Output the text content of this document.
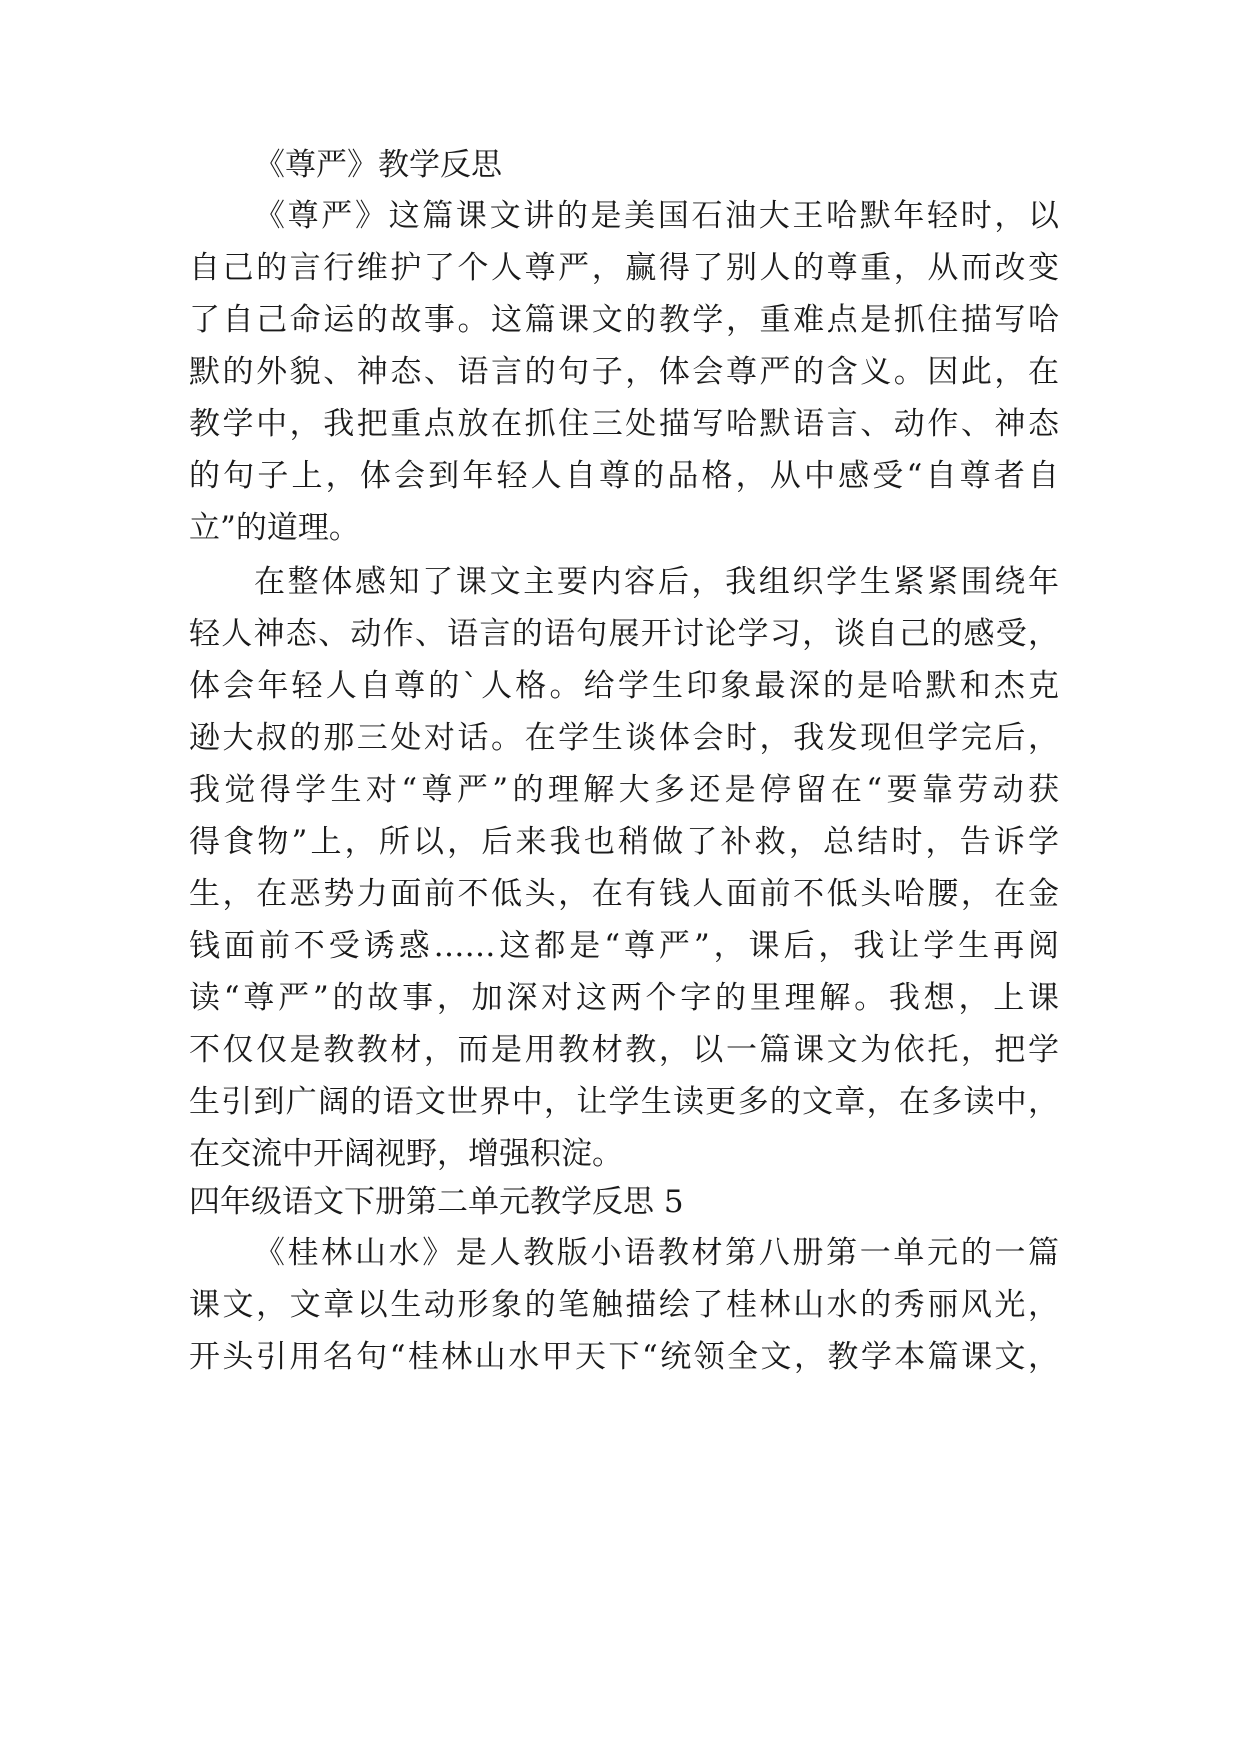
《尊严》教学反思
《尊严》这篇课文讲的是美国石油大王哈默年轻时，以
自己的言行维护了个人尊严，赢得了别人的尊重，从而改变
了自己命运的故事。这篇课文的教学，重难点是抓住描写哈
默的外貌、神态、语言的句子，体会尊严的含义。因此，在
教学中，我把重点放在抓住三处描写哈默语言、动作、神态
的句子上，体会到年轻人自尊的品格，从中感受“自尊者自
立”的道理。
在整体感知了课文主要内容后，我组织学生紧紧围绕年
轻人神态、动作、语言的语句展开讨论学习，谈自己的感受，
体会年轻人自尊的`人格。给学生印象最深的是哈默和杰克
逊大叔的那三处对话。在学生谈体会时，我发现但学完后，
我觉得学生对“尊严”的理解大多还是停留在“要靠劳动获
得食物”上，所以，后来我也稍做了补救，总结时，告诉学
生，在恶势力面前不低头，在有钱人面前不低头哈腰，在金
钱面前不受诱惑……这都是“尊严”，课后，我让学生再阅
读“尊严”的故事，加深对这两个字的里理解。我想，上课
不仅仅是教教材，而是用教材教，以一篇课文为依托，把学
生引到广阔的语文世界中，让学生读更多的文章，在多读中，
在交流中开阔视野，增强积淀。
四年级语文下册第二单元教学反思 5
《桂林山水》是人教版小语教材第八册第一单元的一篇
课文，文章以生动形象的笔触描绘了桂林山水的秀丽风光，
开头引用名句“桂林山水甲天下“统领全文，教学本篇课文，
